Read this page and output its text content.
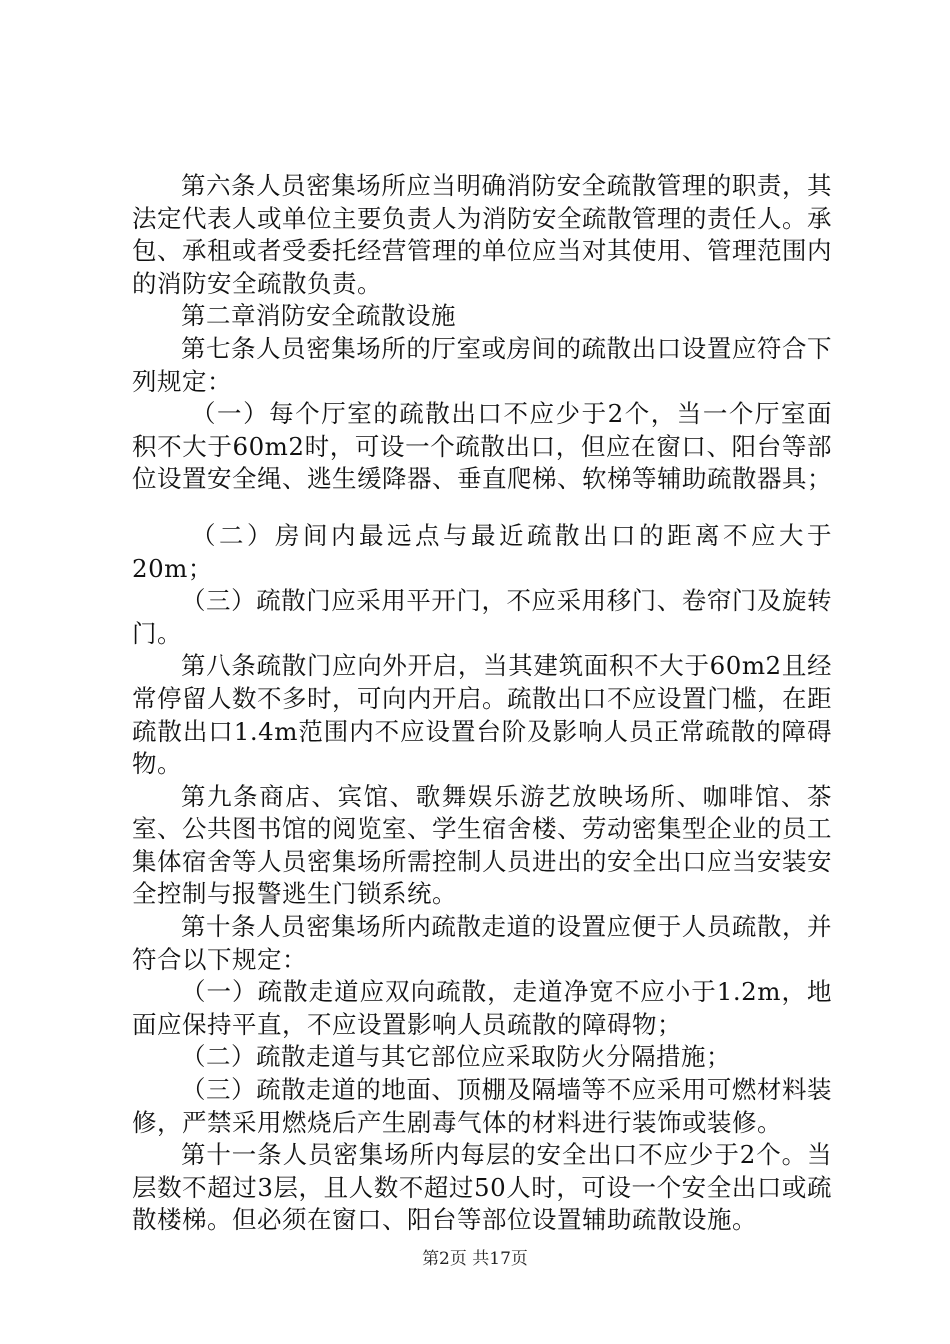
第六条人员密集场所应当明确消防安全疏散管理的职责，其法定代表人或单位主要负责人为消防安全疏散管理的责任人。承包、承租或者受委托经营管理的单位应当对其使用、管理范围内的消防安全疏散负责。

第二章消防安全疏散设施

第七条人员密集场所的厅室或房间的疏散出口设置应符合下列规定：

（一）每个厅室的疏散出口不应少于2个，当一个厅室面积不大于60m2时，可设一个疏散出口，但应在窗口、阳台等部位设置安全绳、逃生缓降器、垂直爬梯、软梯等辅助疏散器具；

（二）房间内最远点与最近疏散出口的距离不应大于20m；

（三）疏散门应采用平开门，不应采用移门、卷帘门及旋转门。

第八条疏散门应向外开启，当其建筑面积不大于60m2且经常停留人数不多时，可向内开启。疏散出口不应设置门槛，在距疏散出口1.4m范围内不应设置台阶及影响人员正常疏散的障碍物。

第九条商店、宾馆、歌舞娱乐游艺放映场所、咖啡馆、茶室、公共图书馆的阅览室、学生宿舍楼、劳动密集型企业的员工集体宿舍等人员密集场所需控制人员进出的安全出口应当安装安全控制与报警逃生门锁系统。

第十条人员密集场所内疏散走道的设置应便于人员疏散，并符合以下规定：

（一）疏散走道应双向疏散，走道净宽不应小于1.2m，地面应保持平直，不应设置影响人员疏散的障碍物；

（二）疏散走道与其它部位应采取防火分隔措施；

（三）疏散走道的地面、顶棚及隔墙等不应采用可燃材料装修，严禁采用燃烧后产生剧毒气体的材料进行装饰或装修。

第十一条人员密集场所内每层的安全出口不应少于2个。当层数不超过3层，且人数不超过50人时，可设一个安全出口或疏散楼梯。但必须在窗口、阳台等部位设置辅助疏散设施。

第2页 共17页
